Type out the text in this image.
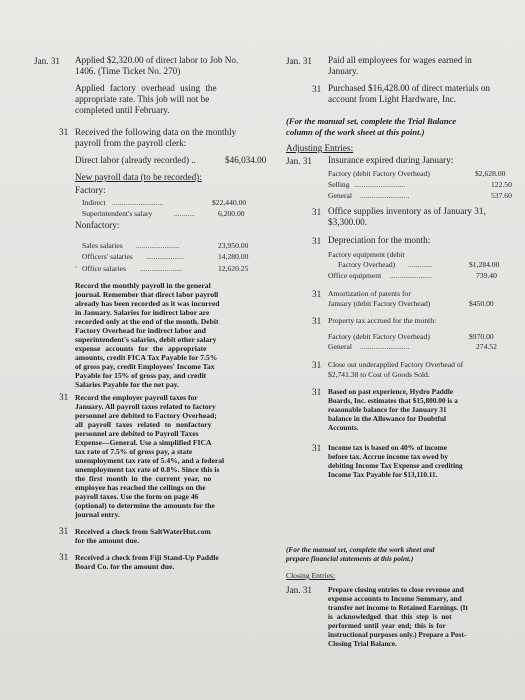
Jan. 31 Applied $2,320.00 of direct labor to Job No.
1406. (Time Ticket No. 270)
Applied factory overhead using the
appropriate rate. This job will not be
completed until February.
31 Received the following data on the monthly
payroll from the payroll clerk:
Direct labor (already recorded) ..	$46,034.00
New payroll data (to be recorded):
Factory:
Indirect ...........................	$22,440.00
Superintendent's salary	...........	6,200.00
Nonfactory:
Sales salaries .......................	23,950.00
Officers' salaries ....................	14,280.00
· Office salaries ......................	12,620.25
Record the monthly payroll in the general
journal. Remember that direct labor payroll
already has been recorded as it was incurred
in January. Salaries for indirect labor are
recorded only at the end of the month. Debit
Factory Overhead for indirect labor and
superintendent's salaries, debit other salary
expense accounts for the appropriate
amounts, credit FICA Tax Payable for 7.5%
of gross pay, credit Employees' Income Tax
Payable for 15% of gross pay, and credit
Salaries Payable for the net pay.
31 Record the employer payroll taxes for
January. All payroll taxes related to factory
personnel are debited to Factory Overhead;
all payroll taxes related to nonfactory
personnel are debited to Payroll Taxes
Expense—General. Use a simplified FICA
tax rate of 7.5% of gross pay, a state
unemployment tax rate of 5.4%, and a federal
unemployment tax rate of 0.8%. Since this is
the first month in the current year, no
employee has reached the ceilings on the
payroll taxes. Use the form on page 46
(optional) to determine the amounts for the
journal entry.
31 Received a check from SaltWaterHut.com
for the amount due.
31 Received a check from Fiji Stand-Up Paddle
Board Co. for the amount due.
Jan. 31 Paid all employees for wages earned in
January.
31 Purchased $16,428.00 of direct materials on
account from Light Hardware, Inc.
(For the manual set, complete the Trial Balance
column of the work sheet at this point.)
Adjusting Entries:
Jan. 31 Insurance expired during January:
Factory (debit Factory Overhead)	$2,628.00
Selling ...........................	122.50
General ..........................	537.60
31 Office supplies inventory as of January 31,
$3,300.00.
31 Depreciation for the month:
Factory equipment (debit
Factory Overhead) .............	$1,284.00
Office equipment ......................	739.40
31 Amortization of patents for
January (debit Factory Overhead)	$450.00
31 Property tax accrued for the month:
Factory (debit Factory Overhead)	$970.00
General ..........................	274.52
31 Close out underapplied Factory Overhead of
$2,741.38 to Cost of Goods Sold.
31 Based on past experience, Hydro Paddle
Boards, Inc. estimates that $15,800.00 is a
reasonable balance for the January 31
balance in the Allowance for Doubtful
Accounts.
31 Income tax is based on 40% of income
before tax. Accrue income tax owed by
debiting Income Tax Expense and crediting
Income Tax Payable for $13,110.11.
(For the manual set, complete the work sheet and
prepare financial statements at this point.)
Closing Entries:
Jan. 31 Prepare closing entries to close revenue and
expense accounts to Income Summary, and
transfer net income to Retained Earnings. (It
is acknowledged that this step is not
performed until year end; this is for
instructional purposes only.) Prepare a Post-
Closing Trial Balance.
